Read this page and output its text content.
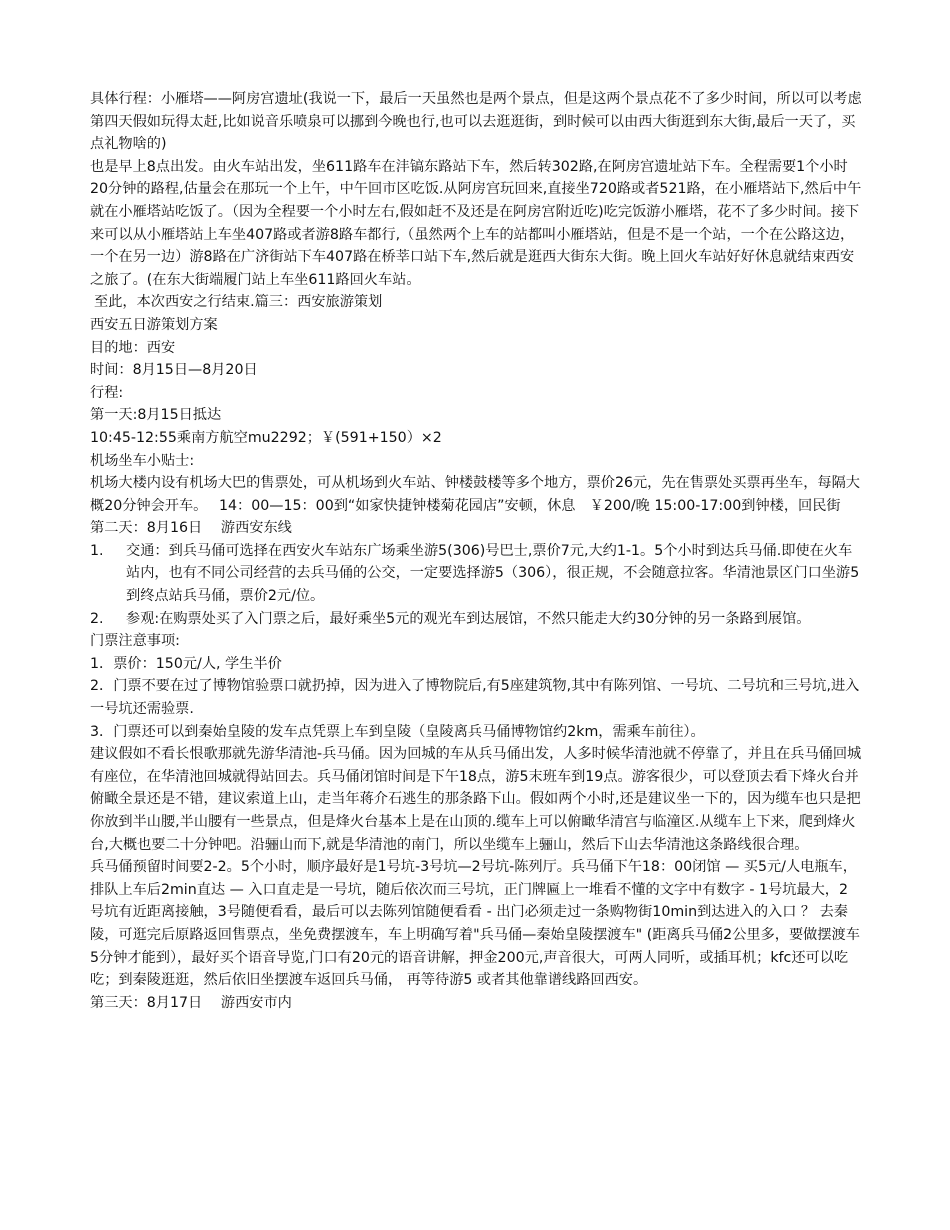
具体行程：小雁塔——阿房宫遗址(我说一下，最后一天虽然也是两个景点，但是这两个景点花不了多少时间，所以可以考虑第四天假如玩得太赶,比如说音乐喷泉可以挪到今晚也行,也可以去逛逛街，到时候可以由西大街逛到东大街,最后一天了，买点礼物啥的)

也是早上8点出发。由火车站出发，坐611路车在沣镐东路站下车，然后转302路,在阿房宫遗址站下车。全程需要1个小时20分钟的路程,估量会在那玩一个上午，中午回市区吃饭.从阿房宫玩回来,直接坐720路或者521路，在小雁塔站下,然后中午就在小雁塔站吃饭了。（因为全程要一个小时左右,假如赶不及还是在阿房宫附近吃)吃完饭游小雁塔，花不了多少时间。接下来可以从小雁塔站上车坐407路或者游8路车都行,（虽然两个上车的站都叫小雁塔站，但是不是一个站，一个在公路这边，一个在另一边）游8路在广济街站下车407路在桥莘口站下车,然后就是逛西大街东大街。晚上回火车站好好休息就结束西安之旅了。(在东大街端履门站上车坐611路回火车站。

至此，本次西安之行结束.篇三：西安旅游策划

西安五日游策划方案

目的地：西安

时间：8月15日—8月20日

行程:

第一天:8月15日抵达

10:45-12:55乘南方航空mu2292；￥(591+150）×2

机场坐车小贴士:

机场大楼内设有机场大巴的售票处，可从机场到火车站、钟楼鼓楼等多个地方，票价26元，先在售票处买票再坐车，每隔大概20分钟会开车。　 14：00—15：00到“如家快捷钟楼菊花园店”安顿，休息　￥200/晚 15:00-17:00到钟楼，回民街

第二天：8月16日　 游西安东线

1. 交通：到兵马俑可选择在西安火车站东广场乘坐游5(306)号巴士,票价7元,大约1-1。5个小时到达兵马俑.即使在火车站内，也有不同公司经营的去兵马俑的公交，一定要选择游5（306），很正规，不会随意拉客。华清池景区门口坐游5到终点站兵马俑，票价2元/位。
2. 参观:在购票处买了入门票之后，最好乘坐5元的观光车到达展馆，不然只能走大约30分钟的另一条路到展馆。

门票注意事项:

1．票价：150元/人, 学生半价

2．门票不要在过了博物馆验票口就扔掉，因为进入了博物院后,有5座建筑物,其中有陈列馆、一号坑、二号坑和三号坑,进入一号坑还需验票.

3．门票还可以到秦始皇陵的发车点凭票上车到皇陵（皇陵离兵马俑博物馆约2km，需乘车前往）。

建议假如不看长恨歌那就先游华清池-兵马俑。因为回城的车从兵马俑出发，人多时候华清池就不停靠了，并且在兵马俑回城有座位，在华清池回城就得站回去。兵马俑闭馆时间是下午18点，游5末班车到19点。游客很少，可以登顶去看下烽火台并俯瞰全景还是不错，建议索道上山，走当年蒋介石逃生的那条路下山。假如两个小时,还是建议坐一下的，因为缆车也只是把你放到半山腰,半山腰有一些景点，但是烽火台基本上是在山顶的.缆车上可以俯瞰华清宫与临潼区.从缆车上下来，爬到烽火台,大概也要二十分钟吧。沿骊山而下,就是华清池的南门，所以坐缆车上骊山，然后下山去华清池这条路线很合理。

兵马俑预留时间要2-2。5个小时，顺序最好是1号坑-3号坑—2号坑-陈列厅。兵马俑下午18：00闭馆 — 买5元/人电瓶车，排队上车后2min直达 — 入口直走是一号坑，随后依次而三号坑，正门牌匾上一堆看不懂的文字中有数字 - 1号坑最大，2号坑有近距离接触，3号随便看看，最后可以去陈列馆随便看看 - 出门必须走过一条购物街10min到达进入的入口 ？ 去秦陵，可逛完后原路返回售票点，坐免费摆渡车，车上明确写着"兵马俑—秦始皇陵摆渡车" (距离兵马俑2公里多，要做摆渡车5分钟才能到），最好买个语音导览,门口有20元的语音讲解，押金200元,声音很大，可两人同听，或插耳机；kfc还可以吃吃；到秦陵逛逛，然后依旧坐摆渡车返回兵马俑， 再等待游5 或者其他靠谱线路回西安。

第三天：8月17日　 游西安市内
